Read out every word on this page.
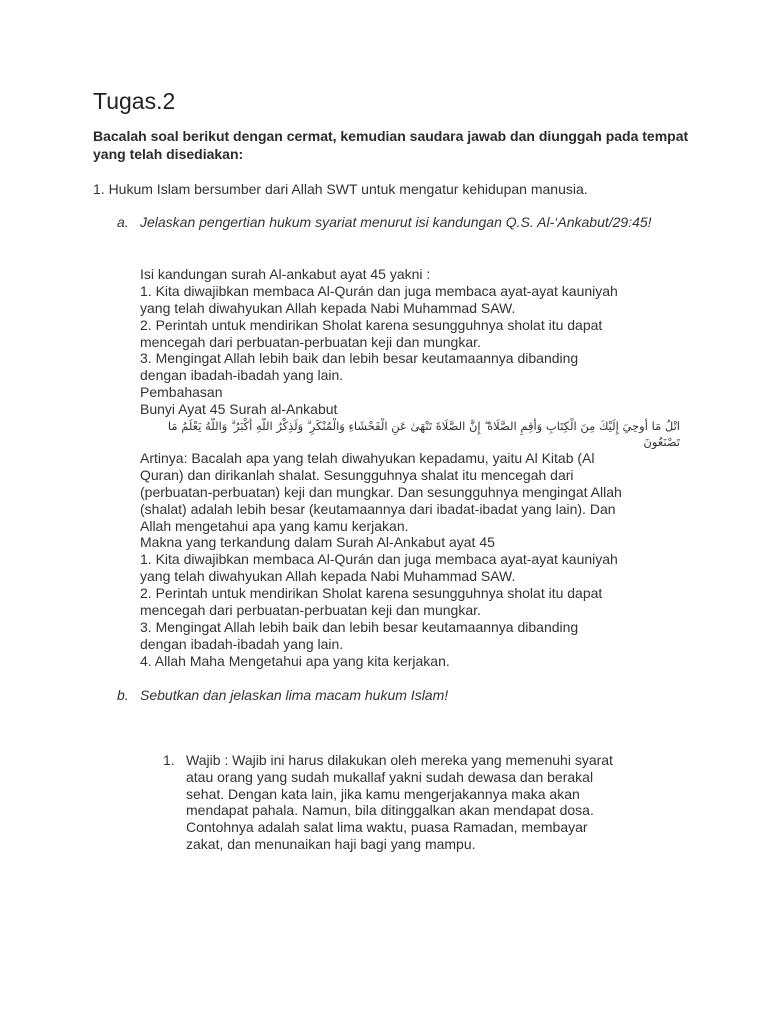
Tugas.2
Bacalah soal berikut dengan cermat, kemudian saudara jawab dan diunggah pada tempat yang telah disediakan:
1. Hukum Islam bersumber dari Allah SWT untuk mengatur kehidupan manusia.
a. Jelaskan pengertian hukum syariat menurut isi kandungan Q.S. Al-‘Ankabut/29:45!
Isi kandungan surah Al-ankabut ayat 45 yakni :
1. Kita diwajibkan membaca Al-Qurán dan juga membaca ayat-ayat kauniyah
yang telah diwahyukan Allah kepada Nabi Muhammad SAW.
2. Perintah untuk mendirikan Sholat karena sesungguhnya sholat itu dapat
mencegah dari perbuatan-perbuatan keji dan mungkar.
3. Mengingat Allah lebih baik dan lebih besar keutamaannya dibanding
dengan ibadah-ibadah yang lain.
Pembahasan
Bunyi Ayat 45 Surah al-Ankabut
اتْلُ مَا أُوحِيَ إِلَيْكَ مِنَ الْكِتَابِ وَأَقِمِ الصَّلَاةَ ۖ إِنَّ الصَّلَاةَ تَنْهَىٰ عَنِ الْفَحْشَاءِ وَالْمُنْكَرِ ۗ وَلَذِكْرُ اللَّهِ أَكْبَرُ ۗ وَاللَّهُ يَعْلَمُ مَا تَصْنَعُونَ
Artinya: Bacalah apa yang telah diwahyukan kepadamu, yaitu Al Kitab (Al
Quran) dan dirikanlah shalat. Sesungguhnya shalat itu mencegah dari
(perbuatan-perbuatan) keji dan mungkar. Dan sesungguhnya mengingat Allah
(shalat) adalah lebih besar (keutamaannya dari ibadat-ibadat yang lain). Dan
Allah mengetahui apa yang kamu kerjakan.
Makna yang terkandung dalam Surah Al-Ankabut ayat 45
1. Kita diwajibkan membaca Al-Qurán dan juga membaca ayat-ayat kauniyah
yang telah diwahyukan Allah kepada Nabi Muhammad SAW.
2. Perintah untuk mendirikan Sholat karena sesungguhnya sholat itu dapat
mencegah dari perbuatan-perbuatan keji dan mungkar.
3. Mengingat Allah lebih baik dan lebih besar keutamaannya dibanding
dengan ibadah-ibadah yang lain.
4. Allah Maha Mengetahui apa yang kita kerjakan.
b. Sebutkan dan jelaskan lima macam hukum Islam!
1. Wajib : Wajib ini harus dilakukan oleh mereka yang memenuhi syarat
atau orang yang sudah mukallaf yakni sudah dewasa dan berakal
sehat. Dengan kata lain, jika kamu mengerjakannya maka akan
mendapat pahala. Namun, bila ditinggalkan akan mendapat dosa.
Contohnya adalah salat lima waktu, puasa Ramadan, membayar
zakat, dan menunaikan haji bagi yang mampu.
